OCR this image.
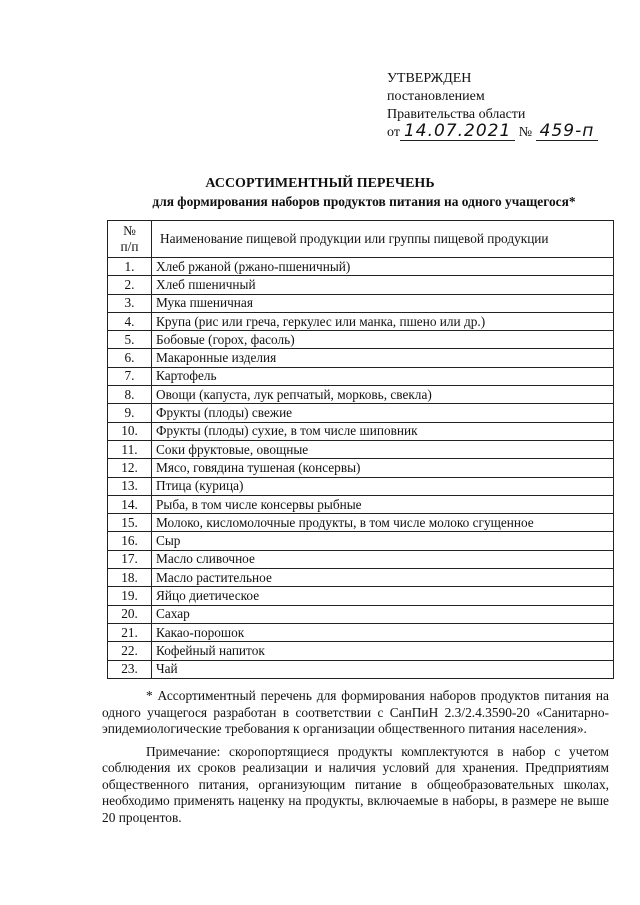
УТВЕРЖДЕН
постановлением
Правительства области
от 14.07.2021 № 459-п
АССОРТИМЕНТНЫЙ ПЕРЕЧЕНЬ
для формирования наборов продуктов питания на одного учащегося*
№
п/п	Наименование пищевой продукции или группы пищевой продукции
1.	Хлеб ржаной (ржано-пшеничный)
2.	Хлеб пшеничный
3.	Мука пшеничная
4.	Крупа (рис или греча, геркулес или манка, пшено или др.)
5.	Бобовые (горох, фасоль)
6.	Макаронные изделия
7.	Картофель
8.	Овощи (капуста, лук репчатый, морковь, свекла)
9.	Фрукты (плоды) свежие
10.	Фрукты (плоды) сухие, в том числе шиповник
11.	Соки фруктовые, овощные
12.	Мясо, говядина тушеная (консервы)
13.	Птица (курица)
14.	Рыба, в том числе консервы рыбные
15.	Молоко, кисломолочные продукты, в том числе молоко сгущенное
16.	Сыр
17.	Масло сливочное
18.	Масло растительное
19.	Яйцо диетическое
20.	Сахар
21.	Какао-порошок
22.	Кофейный напиток
23.	Чай

* Ассортиментный перечень для формирования наборов продуктов питания на одного учащегося разработан в соответствии с СанПиН 2.3/2.4.3590-20 «Санитарно-эпидемиологические требования к организации общественного питания населения».

Примечание: скоропортящиеся продукты комплектуются в набор с учетом соблюдения их сроков реализации и наличия условий для хранения. Предприятиям общественного питания, организующим питание в общеобразовательных школах, необходимо применять наценку на продукты, включаемые в наборы, в размере не выше 20 процентов.
